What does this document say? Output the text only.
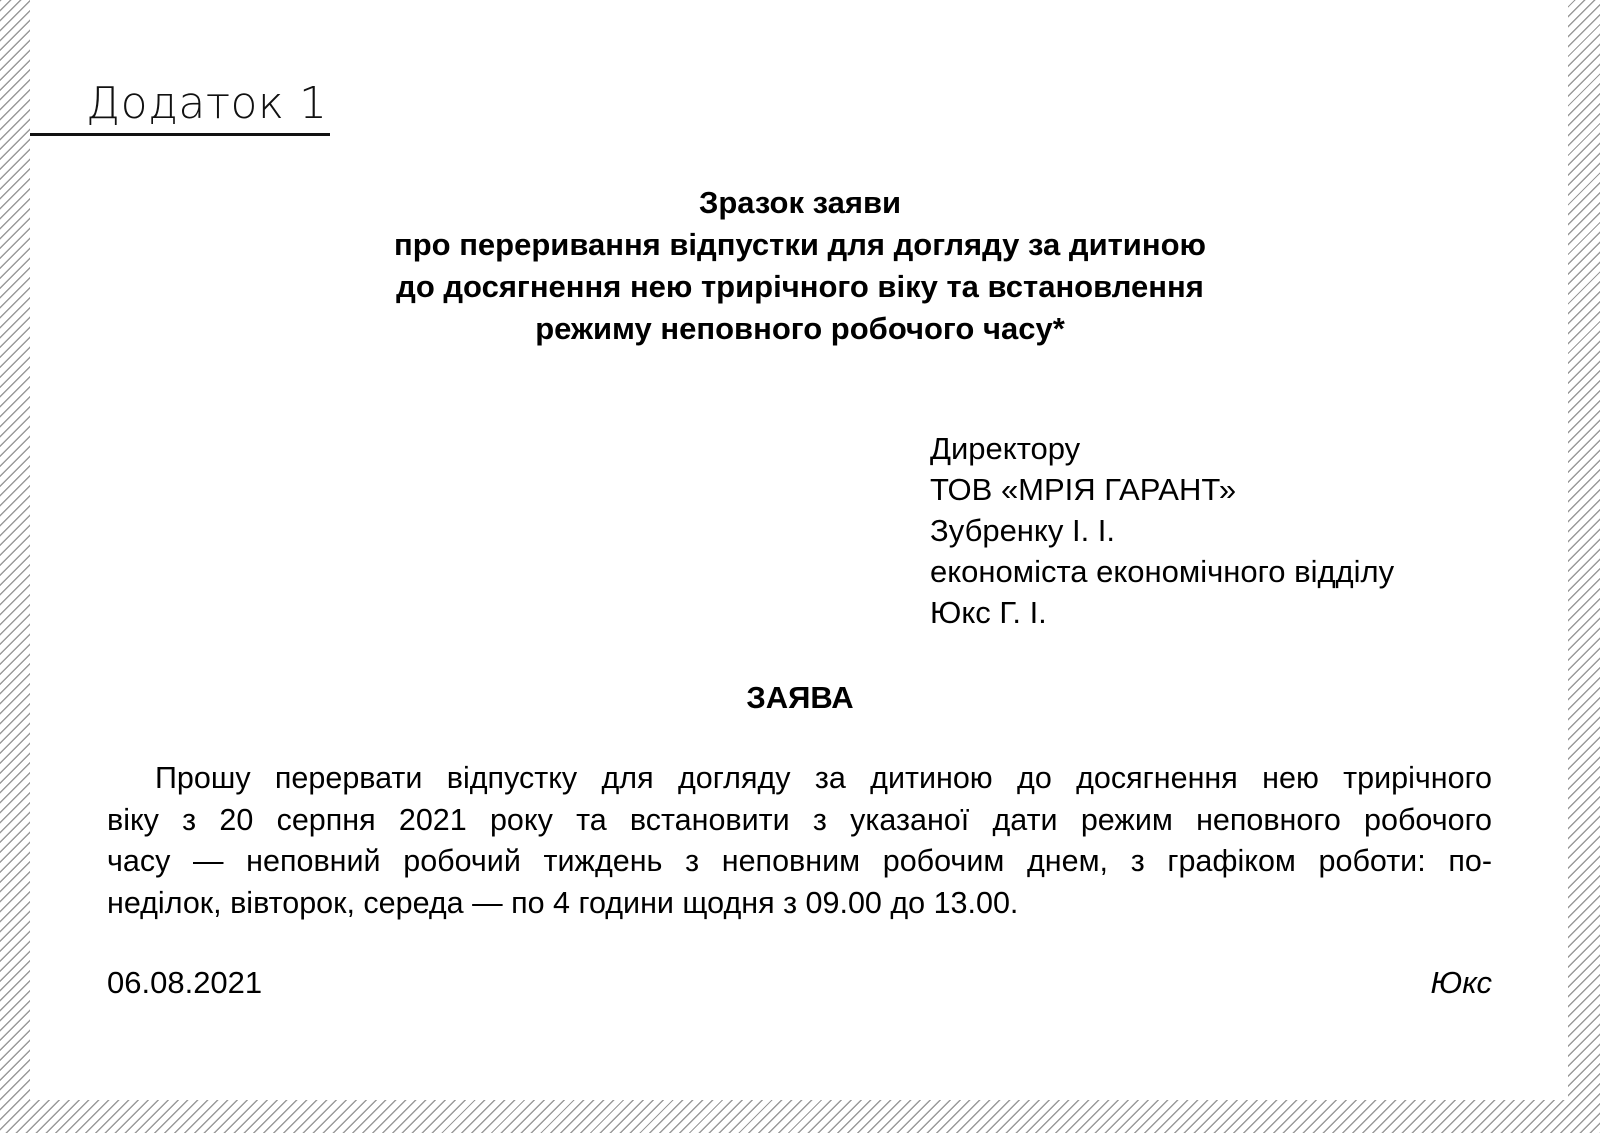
Додаток 1
Зразок заяви
про переривання відпустки для догляду за дитиною
до досягнення нею трирічного віку та встановлення
режиму неповного робочого часу*
Директору
ТОВ «МРІЯ ГАРАНТ»
Зубренку І. І.
економіста економічного відділу
Юкс Г. І.
ЗАЯВА
Прошу перервати відпустку для догляду за дитиною до досягнення нею трирічного
віку з 20 серпня 2021 року та встановити з указаної дати режим неповного робочого
часу — неповний робочий тиждень з неповним робочим днем, з графіком роботи: по-
неділок, вівторок, середа — по 4 години щодня з 09.00 до 13.00.
06.08.2021	Юкс
